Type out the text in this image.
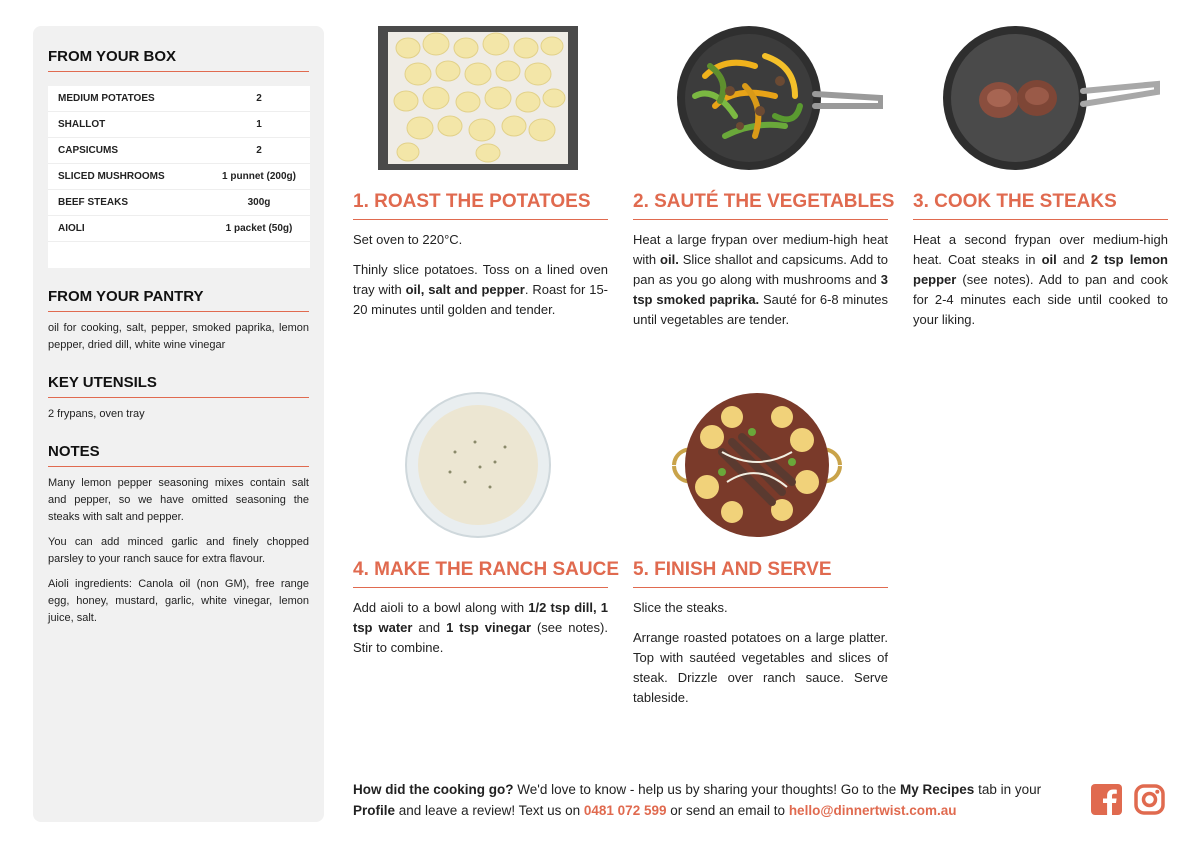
FROM YOUR BOX
MEDIUM POTATOES	2
SHALLOT	1
CAPSICUMS	2
SLICED MUSHROOMS	1 punnet (200g)
BEEF STEAKS	300g
AIOLI	1 packet (50g)
FROM YOUR PANTRY

oil for cooking, salt, pepper, smoked paprika, lemon pepper, dried dill, white wine vinegar

KEY UTENSILS

2 frypans, oven tray

NOTES

Many lemon pepper seasoning mixes contain salt and pepper, so we have omitted seasoning the steaks with salt and pepper.

You can add minced garlic and finely chopped parsley to your ranch sauce for extra flavour.

Aioli ingredients: Canola oil (non GM), free range egg, honey, mustard, garlic, white vinegar, lemon juice, salt.

1. ROAST THE POTATOES

Set oven to 220°C.

Thinly slice potatoes. Toss on a lined oven tray with oil, salt and pepper. Roast for 15-20 minutes until golden and tender.

2. SAUTÉ THE VEGETABLES

Heat a large frypan over medium-high heat with oil. Slice shallot and capsicums. Add to pan as you go along with mushrooms and 3 tsp smoked paprika. Sauté for 6-8 minutes until vegetables are tender.

3. COOK THE STEAKS

Heat a second frypan over medium-high heat. Coat steaks in oil and 2 tsp lemon pepper (see notes). Add to pan and cook for 2-4 minutes each side until cooked to your liking.

4. MAKE THE RANCH SAUCE

Add aioli to a bowl along with 1/2 tsp dill, 1 tsp water and 1 tsp vinegar (see notes). Stir to combine.

5. FINISH AND SERVE

Slice the steaks.

Arrange roasted potatoes on a large platter. Top with sautéed vegetables and slices of steak. Drizzle over ranch sauce. Serve tableside.

How did the cooking go? We'd love to know - help us by sharing your thoughts! Go to the My Recipes tab in your Profile and leave a review! Text us on 0481 072 599 or send an email to hello@dinnertwist.com.au
